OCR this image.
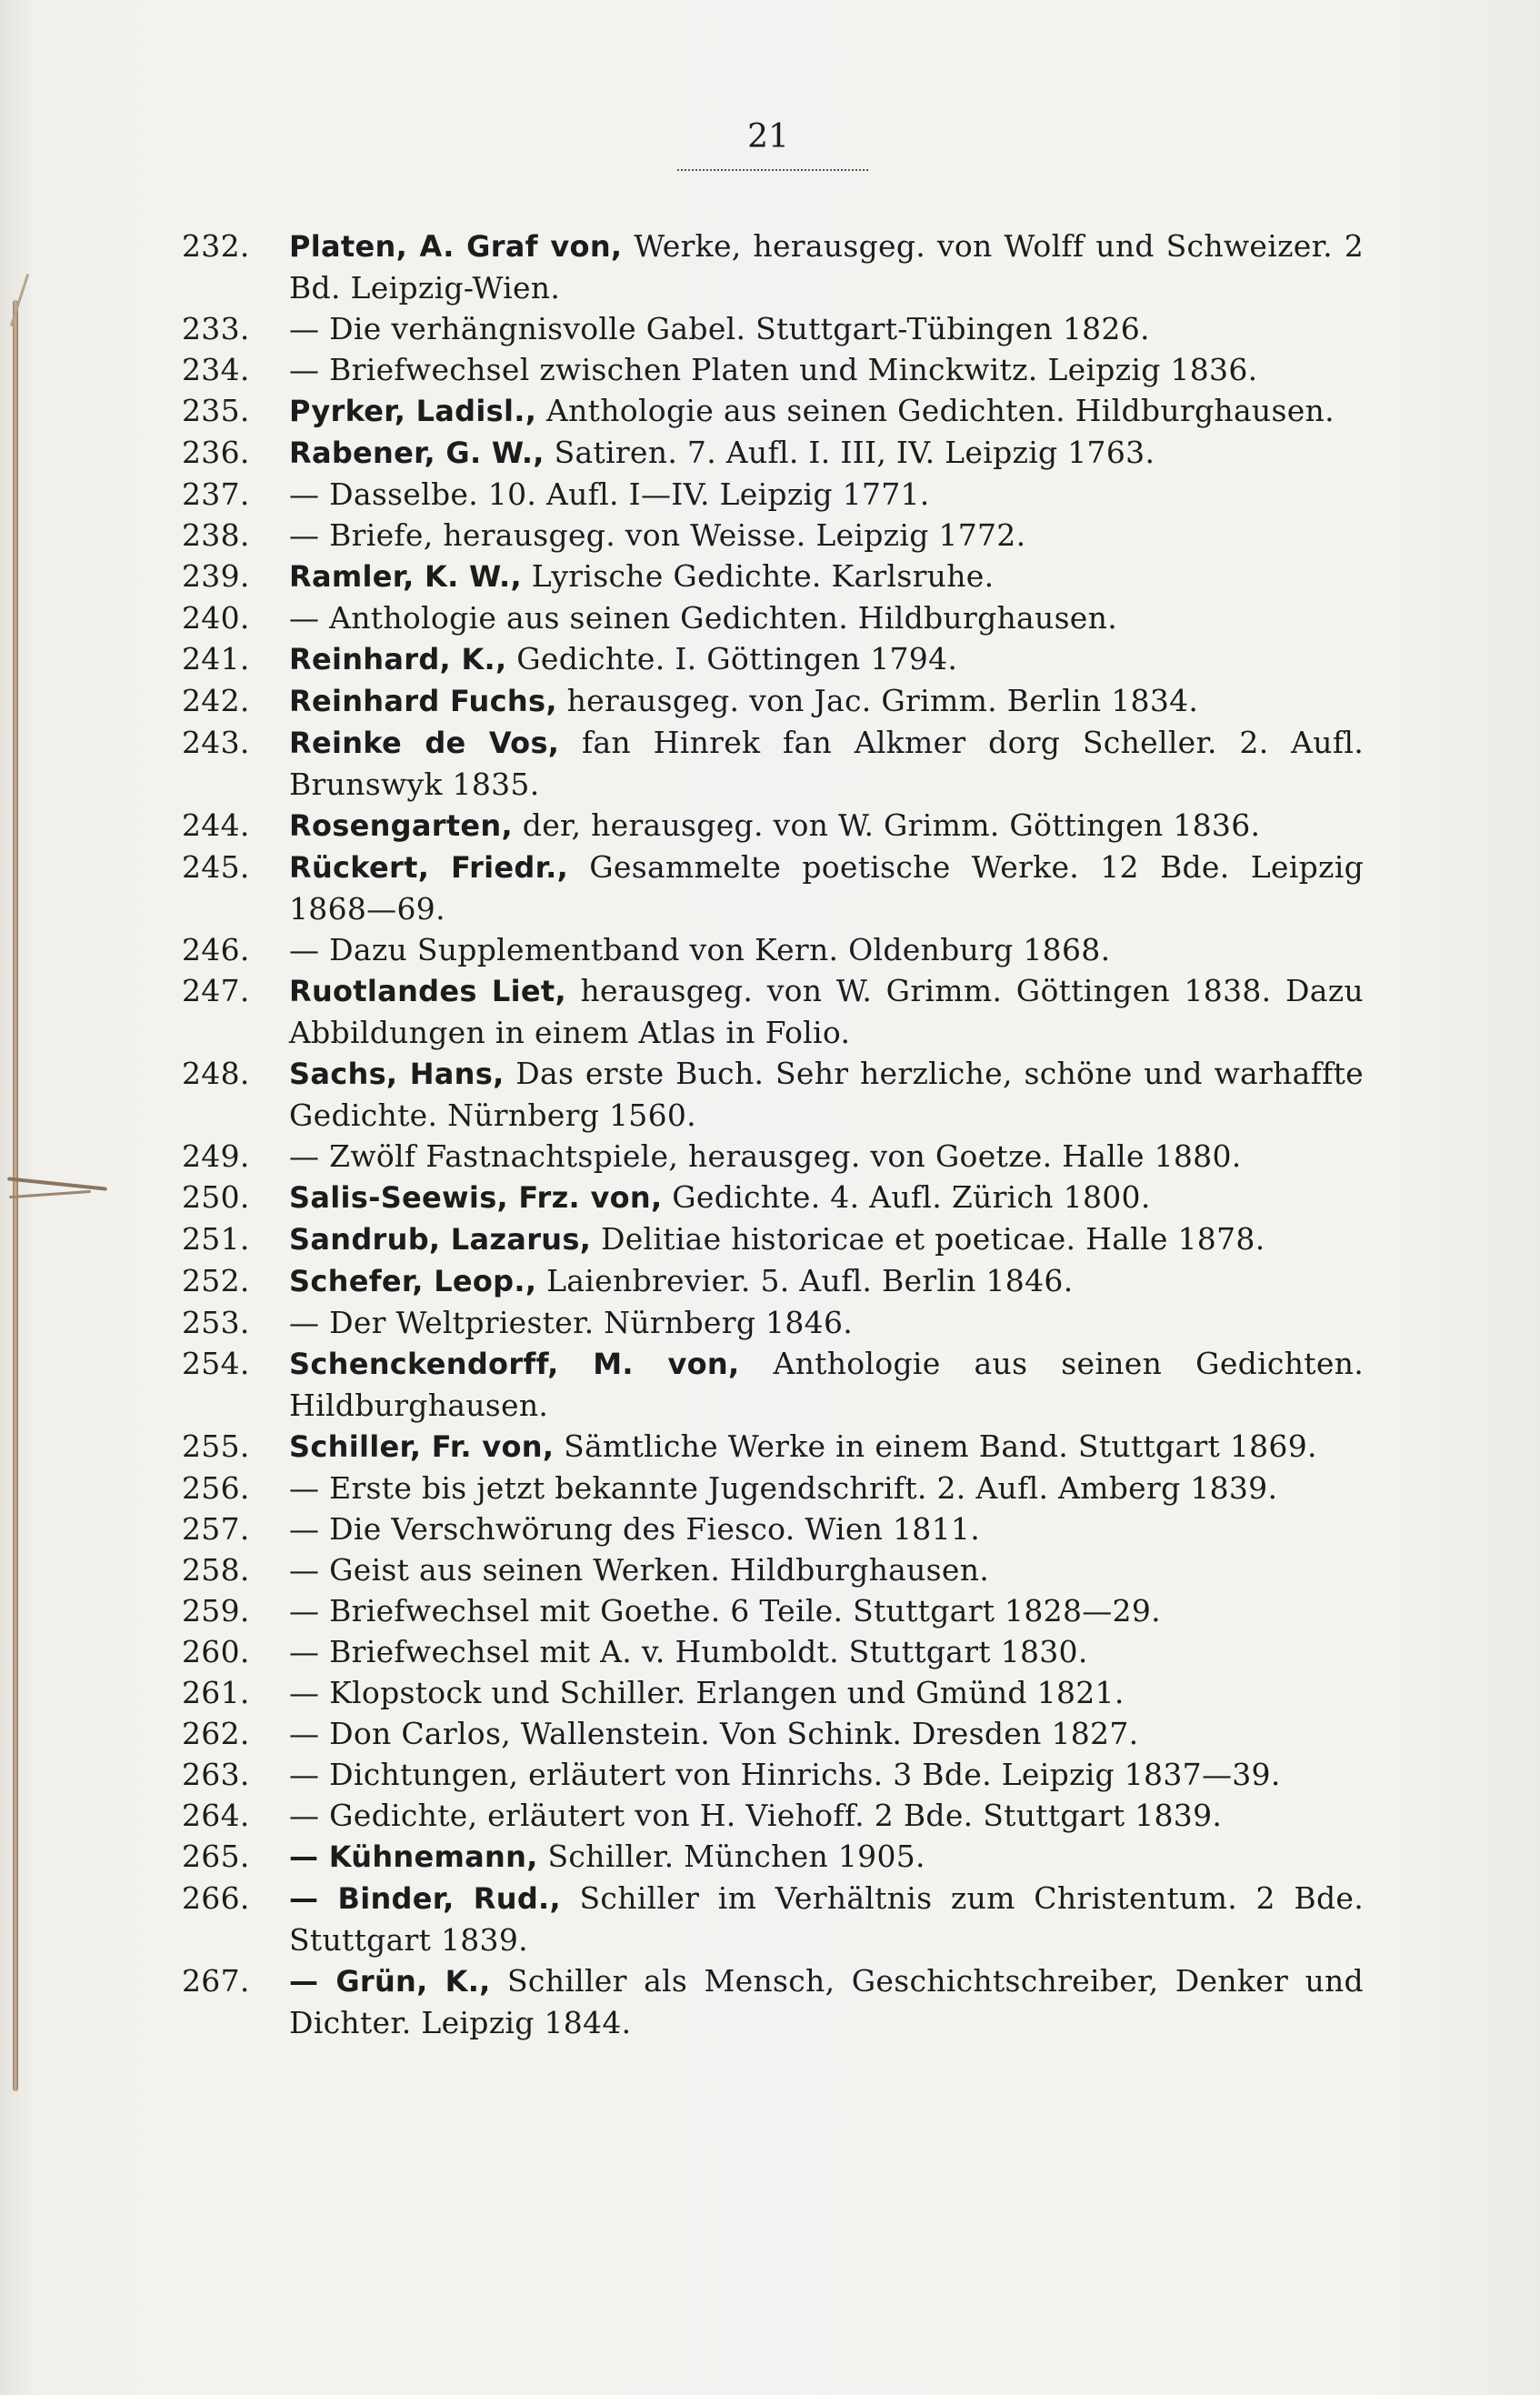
21
232.	Platen, A. Graf von, Werke, herausgeg. von Wolff und Schweizer. 2 Bd. Leipzig-Wien.
233.	— Die verhängnisvolle Gabel. Stuttgart-Tübingen 1826.
234.	— Briefwechsel zwischen Platen und Minckwitz. Leipzig 1836.
235.	Pyrker, Ladisl., Anthologie aus seinen Gedichten. Hildburghausen.
236.	Rabener, G. W., Satiren. 7. Aufl. I. III, IV. Leipzig 1763.
237.	— Dasselbe. 10. Aufl. I—IV. Leipzig 1771.
238.	— Briefe, herausgeg. von Weisse. Leipzig 1772.
239.	Ramler, K. W., Lyrische Gedichte. Karlsruhe.
240.	— Anthologie aus seinen Gedichten. Hildburghausen.
241.	Reinhard, K., Gedichte. I. Göttingen 1794.
242.	Reinhard Fuchs, herausgeg. von Jac. Grimm. Berlin 1834.
243.	Reinke de Vos, fan Hinrek fan Alkmer dorg Scheller. 2. Aufl. Brunswyk 1835.
244.	Rosengarten, der, herausgeg. von W. Grimm. Göttingen 1836.
245.	Rückert, Friedr., Gesammelte poetische Werke. 12 Bde. Leipzig 1868—69.
246.	— Dazu Supplementband von Kern. Oldenburg 1868.
247.	Ruotlandes Liet, herausgeg. von W. Grimm. Göttingen 1838. Dazu Abbildungen in einem Atlas in Folio.
248.	Sachs, Hans, Das erste Buch. Sehr herzliche, schöne und warhaffte Gedichte. Nürnberg 1560.
249.	— Zwölf Fastnachtspiele, herausgeg. von Goetze. Halle 1880.
250.	Salis-Seewis, Frz. von, Gedichte. 4. Aufl. Zürich 1800.
251.	Sandrub, Lazarus, Delitiae historicae et poeticae. Halle 1878.
252.	Schefer, Leop., Laienbrevier. 5. Aufl. Berlin 1846.
253.	— Der Weltpriester. Nürnberg 1846.
254.	Schenckendorff, M. von, Anthologie aus seinen Gedichten. Hildburghausen.
255.	Schiller, Fr. von, Sämtliche Werke in einem Band. Stuttgart 1869.
256.	— Erste bis jetzt bekannte Jugendschrift. 2. Aufl. Amberg 1839.
257.	— Die Verschwörung des Fiesco. Wien 1811.
258.	— Geist aus seinen Werken. Hildburghausen.
259.	— Briefwechsel mit Goethe. 6 Teile. Stuttgart 1828—29.
260.	— Briefwechsel mit A. v. Humboldt. Stuttgart 1830.
261.	— Klopstock und Schiller. Erlangen und Gmünd 1821.
262.	— Don Carlos, Wallenstein. Von Schink. Dresden 1827.
263.	— Dichtungen, erläutert von Hinrichs. 3 Bde. Leipzig 1837—39.
264.	— Gedichte, erläutert von H. Viehoff. 2 Bde. Stuttgart 1839.
265.	— Kühnemann, Schiller. München 1905.
266.	— Binder, Rud., Schiller im Verhältnis zum Christentum. 2 Bde. Stuttgart 1839.
267.	— Grün, K., Schiller als Mensch, Geschichtschreiber, Denker und Dichter. Leipzig 1844.
